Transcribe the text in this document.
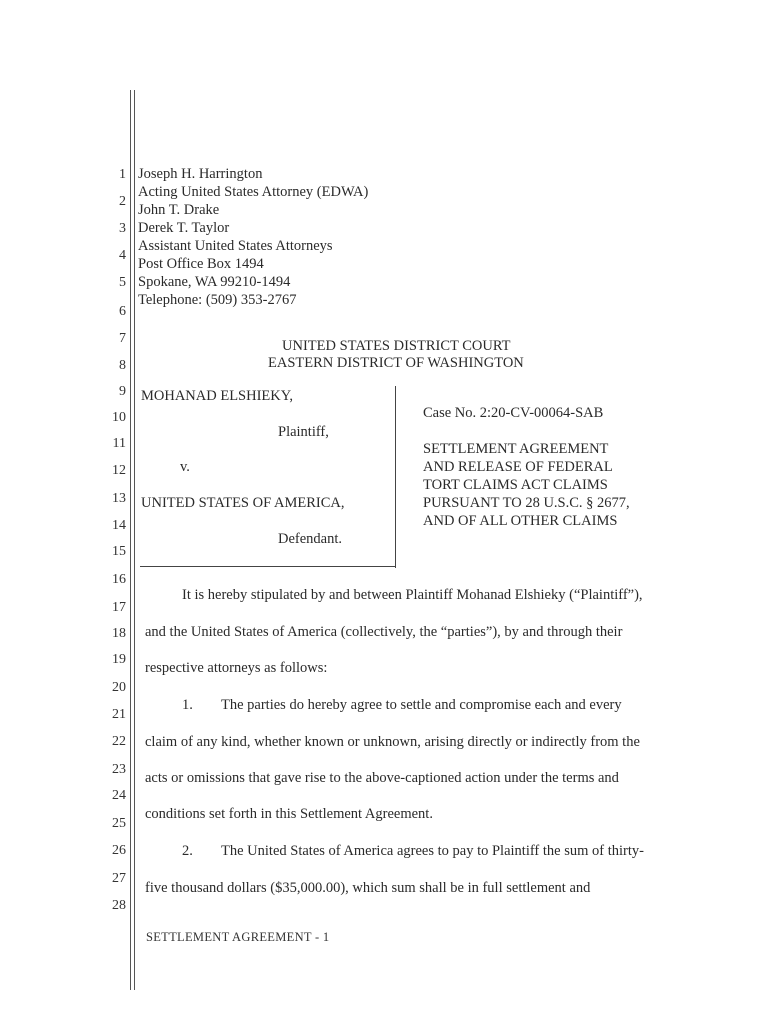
1
2
3
4
5
6
7
8
9
10
11
12
13
14
15
16
17
18
19
20
21
22
23
24
25
26
27
28
Joseph H. Harrington
Acting United States Attorney (EDWA)
John T. Drake
Derek T. Taylor
Assistant United States Attorneys
Post Office Box 1494
Spokane, WA 99210-1494
Telephone: (509) 353-2767
UNITED STATES DISTRICT COURT
EASTERN DISTRICT OF WASHINGTON
MOHANAD ELSHIEKY,
Plaintiff,
v.
UNITED STATES OF AMERICA,
Defendant.
Case No. 2:20-CV-00064-SAB
SETTLEMENT AGREEMENT
AND RELEASE OF FEDERAL
TORT CLAIMS ACT CLAIMS
PURSUANT TO 28 U.S.C. § 2677,
AND OF ALL OTHER CLAIMS
It is hereby stipulated by and between Plaintiff Mohanad Elshieky (“Plaintiff”),
and the United States of America (collectively, the “parties”), by and through their
respective attorneys as follows:
1. The parties do hereby agree to settle and compromise each and every
claim of any kind, whether known or unknown, arising directly or indirectly from the
acts or omissions that gave rise to the above-captioned action under the terms and
conditions set forth in this Settlement Agreement.
2. The United States of America agrees to pay to Plaintiff the sum of thirty-
five thousand dollars ($35,000.00), which sum shall be in full settlement and
SETTLEMENT AGREEMENT - 1
